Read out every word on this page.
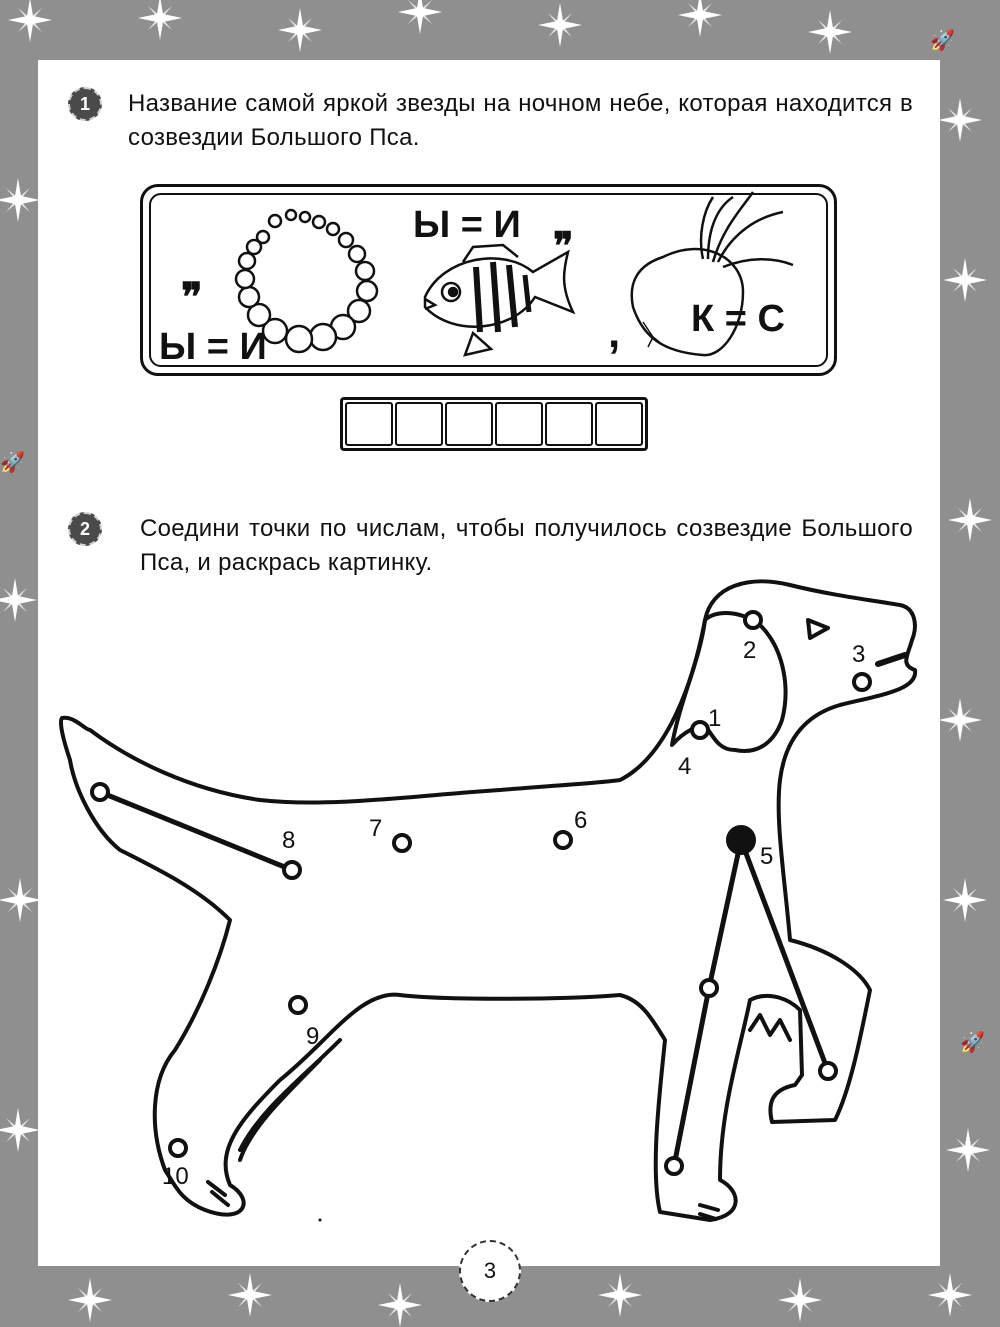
🚀
🚀
🚀
1	Название самой яркой звезды на ночном небе, которая находится в созвездии Большого Пса.
❞
Ы = И
Ы = И
❞
, К = С
2	Соедини точки по числам, чтобы получилось созвездие Большого Пса, и раскрась картинку.
1
2	3
4
5
6
7
8
9
10
3
